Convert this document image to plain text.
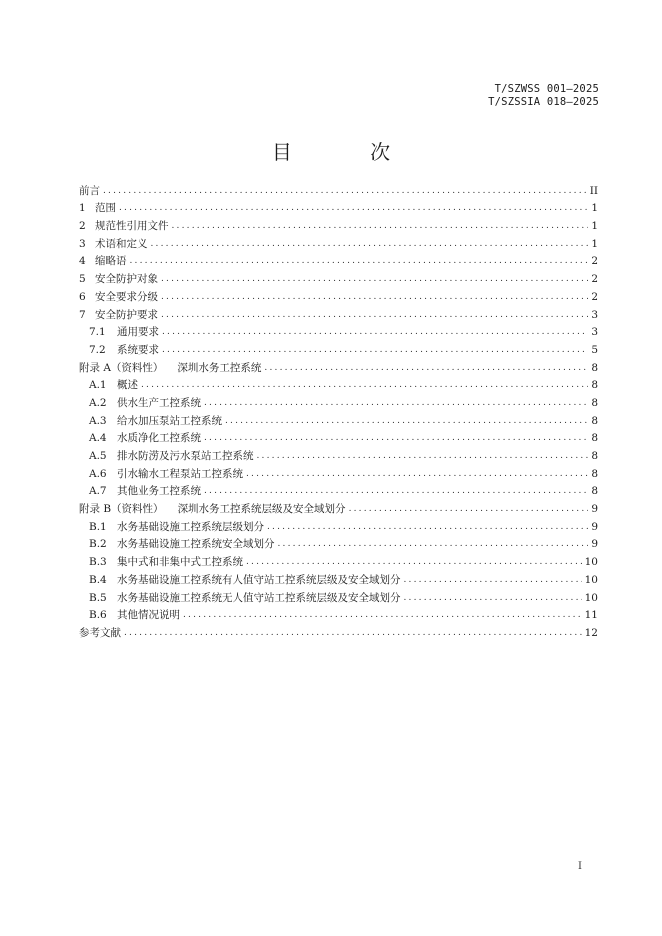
T/SZWSS 001—2025
T/SZSSIA 018—2025
目 次
前言 .....	II
1 范围 .....	1
2 规范性引用文件 .....	1
3 术语和定义 .....	1
4 缩略语 .....	2
5 安全防护对象 .....	2
6 安全要求分级 .....	2
7 安全防护要求 .....	3
7.1 通用要求 .....	3
7.2 系统要求 .....	5
附录 A（资料性） 深圳水务工控系统 .....	8
A.1 概述 .....	8
A.2 供水生产工控系统 .....	8
A.3 给水加压泵站工控系统 .....	8
A.4 水质净化工控系统 .....	8
A.5 排水防涝及污水泵站工控系统 .....	8
A.6 引水输水工程泵站工控系统 .....	8
A.7 其他业务工控系统 .....	8
附录 B（资料性） 深圳水务工控系统层级及安全域划分 .....	9
B.1 水务基础设施工控系统层级划分 .....	9
B.2 水务基础设施工控系统安全域划分 .....	9
B.3 集中式和非集中式工控系统 .....	10
B.4 水务基础设施工控系统有人值守站工控系统层级及安全域划分 .....	10
B.5 水务基础设施工控系统无人值守站工控系统层级及安全域划分 .....	10
B.6 其他情况说明 .....	11
参考文献 .....	12
I
